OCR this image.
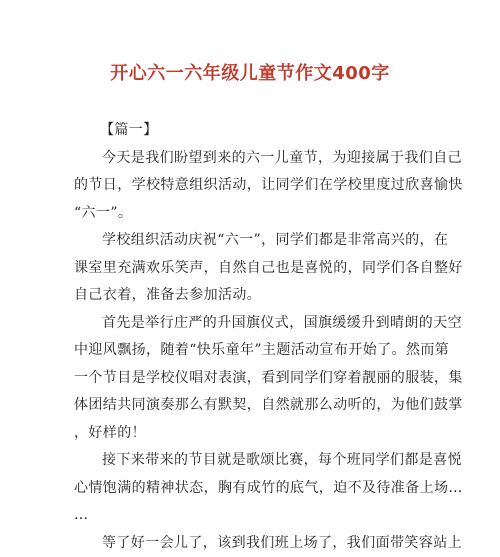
开心六一六年级儿童节作文400字

【篇一】

今天是我们盼望到来的六一儿童节，为迎接属于我们自己
的节日，学校特意组织活动，让同学们在学校里度过欣喜愉快
“六一”。

学校组织活动庆祝“六一”，同学们都是非常高兴的，在
课室里充满欢乐笑声，自然自己也是喜悦的，同学们各自整好
自己衣着，准备去参加活动。

首先是举行庄严的升国旗仪式，国旗缓缓升到晴朗的天空
中迎风飘扬，随着“快乐童年”主题活动宣布开始了。然而第
一个节目是学校仪唱对表演，看到同学们穿着靓丽的服装，集
体团结共同演奏那么有默契，自然就那么动听的，为他们鼓掌
，好样的！

接下来带来的节目就是歌颂比赛，每个班同学们都是喜悦
心情饱满的精神状态，胸有成竹的底气，迫不及待准备上场…
…

等了好一会儿了，该到我们班上场了，我们面带笑容站上
